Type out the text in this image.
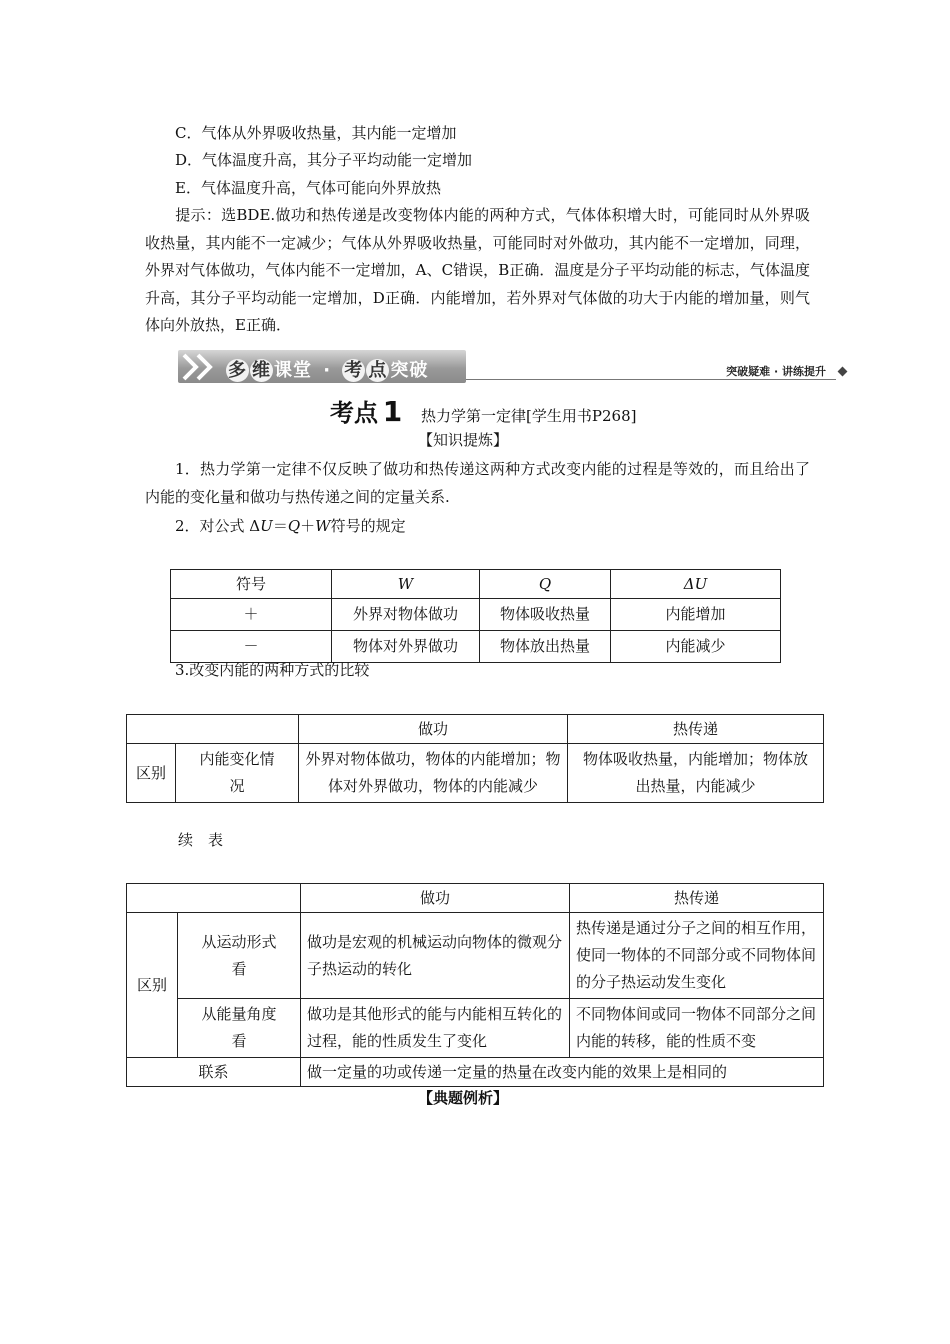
C．气体从外界吸收热量，其内能一定增加
D．气体温度升高，其分子平均动能一定增加
E．气体温度升高，气体可能向外界放热
提示：选BDE.做功和热传递是改变物体内能的两种方式，气体体积增大时，可能同时从外界吸收热量，其内能不一定减少；气体从外界吸收热量，可能同时对外做功，其内能不一定增加，同理，外界对气体做功，气体内能不一定增加，A、C错误，B正确．温度是分子平均动能的标志，气体温度升高，其分子平均动能一定增加，D正确．内能增加，若外界对气体做的功大于内能的增加量，则气体向外放热，E正确．
多 维 课堂 · 考 点 突破	突破疑难 · 讲练提升
考点 1 热力学第一定律[学生用书P268]
【知识提炼】
1．热力学第一定律不仅反映了做功和热传递这两种方式改变内能的过程是等效的，而且给出了内能的变化量和做功与热传递之间的定量关系.
2．对公式 ΔU＝Q＋W符号的规定
符号	W	Q	ΔU
＋	外界对物体做功	物体吸收热量	内能增加
－	物体对外界做功	物体放出热量	内能减少
3.改变内能的两种方式的比较
		做功	热传递
区别	内能变化情况	外界对物体做功，物体的内能增加；物体对外界做功，物体的内能减少	物体吸收热量，内能增加；物体放出热量，内能减少
续　表
		做功	热传递
区别	从运动形式看	做功是宏观的机械运动向物体的微观分子热运动的转化	热传递是通过分子之间的相互作用，使同一物体的不同部分或不同物体间的分子热运动发生变化
	从能量角度看	做功是其他形式的能与内能相互转化的过程，能的性质发生了变化	不同物体间或同一物体不同部分之间内能的转移，能的性质不变
联系		做一定量的功或传递一定量的热量在改变内能的效果上是相同的	
【典题例析】
